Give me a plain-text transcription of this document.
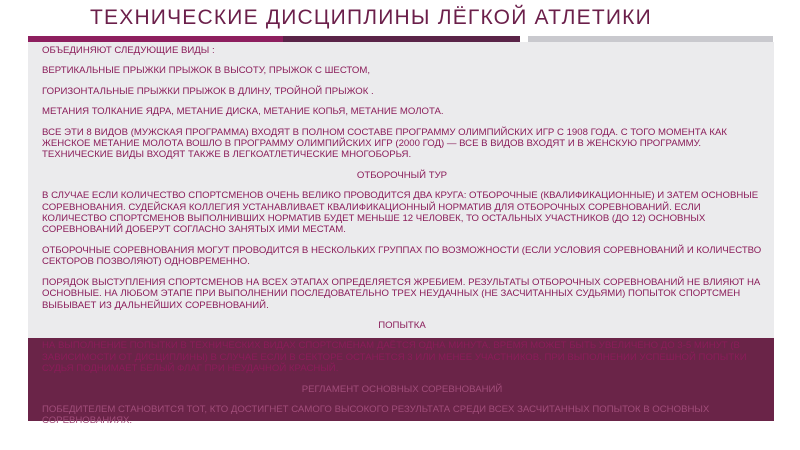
ТЕХНИЧЕСКИЕ ДИСЦИПЛИНЫ ЛЁГКОЙ АТЛЕТИКИ

ОБЪЕДИНЯЮТ СЛЕДУЮЩИЕ ВИДЫ :

ВЕРТИКАЛЬНЫЕ ПРЫЖКИ ПРЫЖОК В ВЫСОТУ, ПРЫЖОК С ШЕСТОМ,

ГОРИЗОНТАЛЬНЫЕ ПРЫЖКИ ПРЫЖОК В ДЛИНУ, ТРОЙНОЙ ПРЫЖОК .

МЕТАНИЯ ТОЛКАНИЕ ЯДРА, МЕТАНИЕ ДИСКА, МЕТАНИЕ КОПЬЯ, МЕТАНИЕ МОЛОТА.

ВСЕ ЭТИ 8 ВИДОВ (МУЖСКАЯ ПРОГРАММА) ВХОДЯТ В ПОЛНОМ СОСТАВЕ ПРОГРАММУ ОЛИМПИЙСКИХ ИГР С 1908 ГОДА. С ТОГО МОМЕНТА КАК ЖЕНСКОЕ МЕТАНИЕ МОЛОТА ВОШЛО В ПРОГРАММУ ОЛИМПИЙСКИХ ИГР (2000 ГОД) — ВСЕ В ВИДОВ ВХОДЯТ И В ЖЕНСКУЮ ПРОГРАММУ. ТЕХНИЧЕСКИЕ ВИДЫ ВХОДЯТ ТАКЖЕ В ЛЕГКОАТЛЕТИЧЕСКИЕ МНОГОБОРЬЯ.

ОТБОРОЧНЫЙ ТУР

В СЛУЧАЕ ЕСЛИ КОЛИЧЕСТВО СПОРТСМЕНОВ ОЧЕНЬ ВЕЛИКО ПРОВОДИТСЯ ДВА КРУГА: ОТБОРОЧНЫЕ (КВАЛИФИКАЦИОННЫЕ) И ЗАТЕМ ОСНОВНЫЕ СОРЕВНОВАНИЯ. СУДЕЙСКАЯ КОЛЛЕГИЯ УСТАНАВЛИВАЕТ КВАЛИФИКАЦИОННЫЙ НОРМАТИВ ДЛЯ ОТБОРОЧНЫХ СОРЕВНОВАНИЙ. ЕСЛИ КОЛИЧЕСТВО СПОРТСМЕНОВ ВЫПОЛНИВШИХ НОРМАТИВ БУДЕТ МЕНЬШЕ 12 ЧЕЛОВЕК, ТО ОСТАЛЬНЫХ УЧАСТНИКОВ (ДО 12) ОСНОВНЫХ СОРЕВНОВАНИЙ ДОБЕРУТ СОГЛАСНО ЗАНЯТЫХ ИМИ МЕСТАМ.

ОТБОРОЧНЫЕ СОРЕВНОВАНИЯ МОГУТ ПРОВОДИТСЯ В НЕСКОЛЬКИХ ГРУППАХ ПО ВОЗМОЖНОСТИ (ЕСЛИ УСЛОВИЯ СОРЕВНОВАНИЙ И КОЛИЧЕСТВО СЕКТОРОВ ПОЗВОЛЯЮТ) ОДНОВРЕМЕННО.

ПОРЯДОК ВЫСТУПЛЕНИЯ СПОРТСМЕНОВ НА ВСЕХ ЭТАПАХ ОПРЕДЕЛЯЕТСЯ ЖРЕБИЕМ. РЕЗУЛЬТАТЫ ОТБОРОЧНЫХ СОРЕВНОВАНИЙ НЕ ВЛИЯЮТ НА ОСНОВНЫЕ. НА ЛЮБОМ ЭТАПЕ ПРИ ВЫПОЛНЕНИИ ПОСЛЕДОВАТЕЛЬНО ТРЕХ НЕУДАЧНЫХ (НЕ ЗАСЧИТАННЫХ СУДЬЯМИ) ПОПЫТОК СПОРТСМЕН ВЫБЫВАЕТ ИЗ ДАЛЬНЕЙШИХ СОРЕВНОВАНИЙ.

ПОПЫТКА

НА ВЫПОЛНЕНИЕ ПОПЫТКИ В ТЕХНИЧЕСКИХ ВИДАХ СПОРТСМЕНАМ ДАЁТСЯ ОДНА МИНУТА. ВРЕМЯ МОЖЕТ БЫТЬ УВЕЛИЧЕНО ДО 3-5 МИНУТ (В ЗАВИСИМОСТИ ОТ ДИСЦИПЛИНЫ) В СЛУЧАЕ ЕСЛИ В СЕКТОРЕ ОСТАНЕТСЯ 3 ИЛИ МЕНЕЕ УЧАСТНИКОВ. ПРИ ВЫПОЛНЕНИИ УСПЕШНОЙ ПОПЫТКИ СУДЬЯ ПОДНИМАЕТ БЕЛЫЙ ФЛАГ ПРИ НЕУДАЧНОЙ КРАСНЫЙ.

РЕГЛАМЕНТ ОСНОВНЫХ СОРЕВНОВАНИЙ

ПОБЕДИТЕЛЕМ СТАНОВИТСЯ ТОТ, КТО ДОСТИГНЕТ САМОГО ВЫСОКОГО РЕЗУЛЬТАТА СРЕДИ ВСЕХ ЗАСЧИТАННЫХ ПОПЫТОК В ОСНОВНЫХ СОРЕВНОВАНИЯХ.
